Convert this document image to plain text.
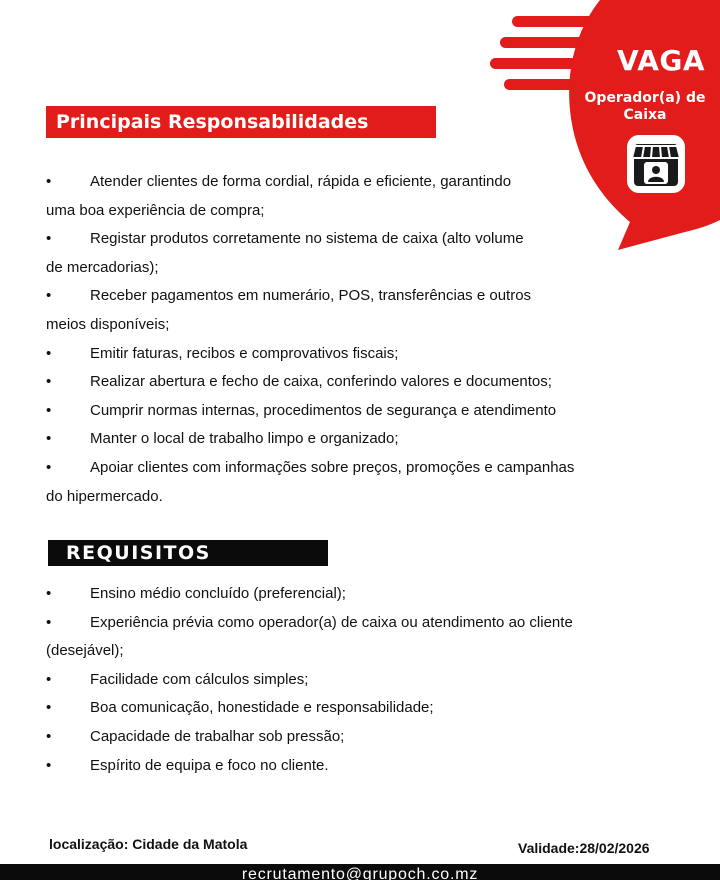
VAGA
Operador(a) de
Caixa
Principais Responsabilidades
•	Atender clientes de forma cordial, rápida e eficiente, garantindo
uma boa experiência de compra;
•	Registar produtos corretamente no sistema de caixa (alto volume
de mercadorias);
•	Receber pagamentos em numerário, POS, transferências e outros
meios disponíveis;
•	Emitir faturas, recibos e comprovativos fiscais;
•	Realizar abertura e fecho de caixa, conferindo valores e documentos;
•	Cumprir normas internas, procedimentos de segurança e atendimento
•	Manter o local de trabalho limpo e organizado;
•	Apoiar clientes com informações sobre preços, promoções e campanhas
do hipermercado.
REQUISITOS
•	Ensino médio concluído (preferencial);
•	Experiência prévia como operador(a) de caixa ou atendimento ao cliente
(desejável);
•	Facilidade com cálculos simples;
•	Boa comunicação, honestidade e responsabilidade;
•	Capacidade de trabalhar sob pressão;
•	Espírito de equipa e foco no cliente.
localização: Cidade da Matola	Validade:28/02/2026
recrutamento@grupoch.co.mz
